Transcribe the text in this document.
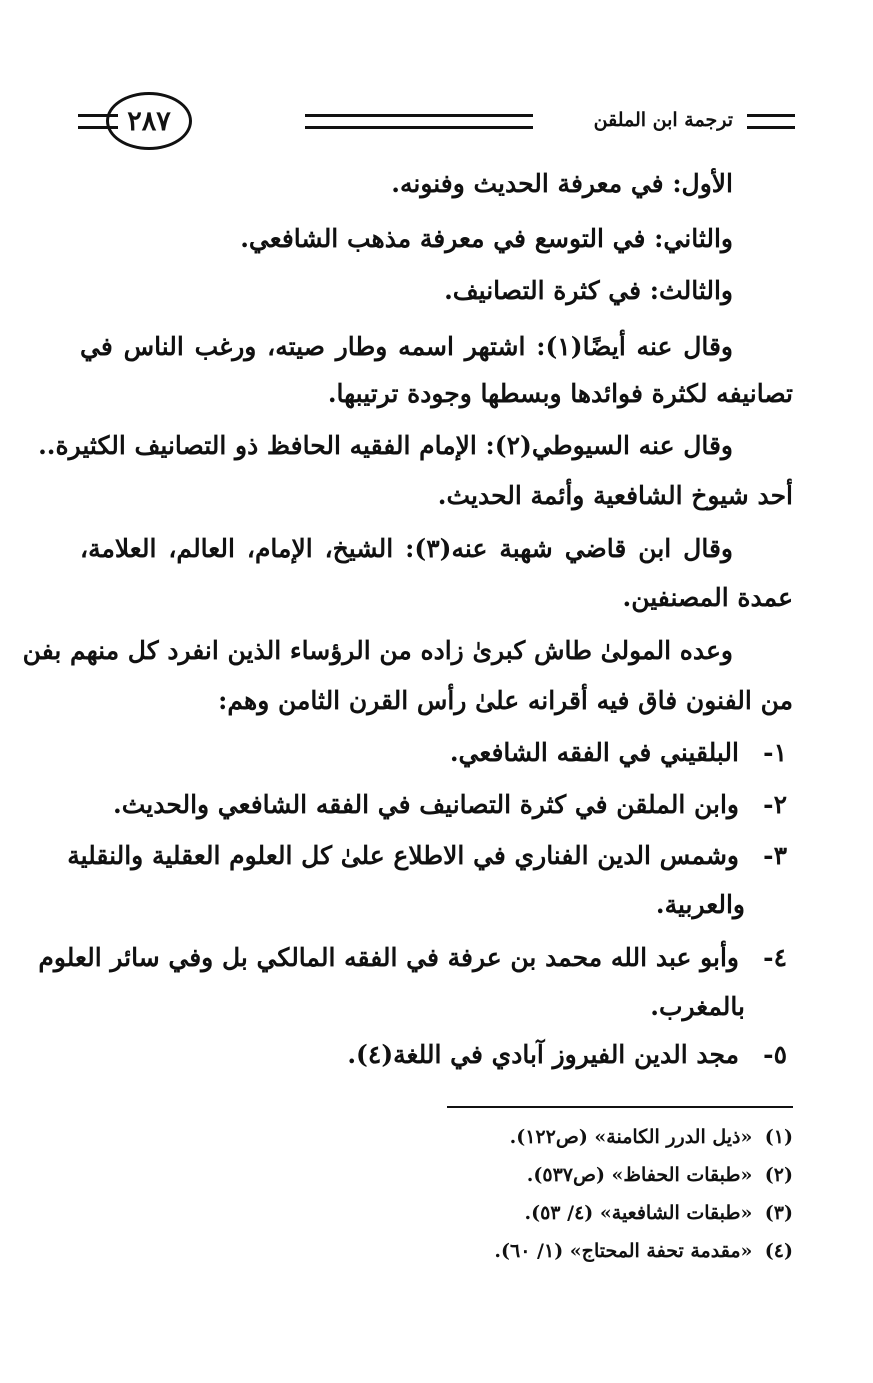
ترجمة ابن الملقن
٢٨٧
الأول: في معرفة الحديث وفنونه.
والثاني: في التوسع في معرفة مذهب الشافعي.
والثالث: في كثرة التصانيف.
وقال عنه أيضًا(١): اشتهر اسمه وطار صيته، ورغب الناس في
تصانيفه لكثرة فوائدها وبسطها وجودة ترتيبها.
وقال عنه السيوطي(٢): الإمام الفقيه الحافظ ذو التصانيف الكثيرة..
أحد شيوخ الشافعية وأئمة الحديث.
وقال ابن قاضي شهبة عنه(٣): الشيخ، الإمام، العالم، العلامة،
عمدة المصنفين.
وعده المولىٰ طاش كبرىٰ زاده من الرؤساء الذين انفرد كل منهم بفن
من الفنون فاق فيه أقرانه علىٰ رأس القرن الثامن وهم:
١-
البلقيني في الفقه الشافعي.
٢-
وابن الملقن في كثرة التصانيف في الفقه الشافعي والحديث.
٣-
وشمس الدين الفناري في الاطلاع علىٰ كل العلوم العقلية والنقلية
والعربية.
٤-
وأبو عبد الله محمد بن عرفة في الفقه المالكي بل وفي سائر العلوم
بالمغرب.
٥-
مجد الدين الفيروز آبادي في اللغة(٤).
(١) «ذيل الدرر الكامنة» (ص١٢٢).
(٢) «طبقات الحفاظ» (ص٥٣٧).
(٣) «طبقات الشافعية» (٤/ ٥٣).
(٤) «مقدمة تحفة المحتاج» (١/ ٦٠).
